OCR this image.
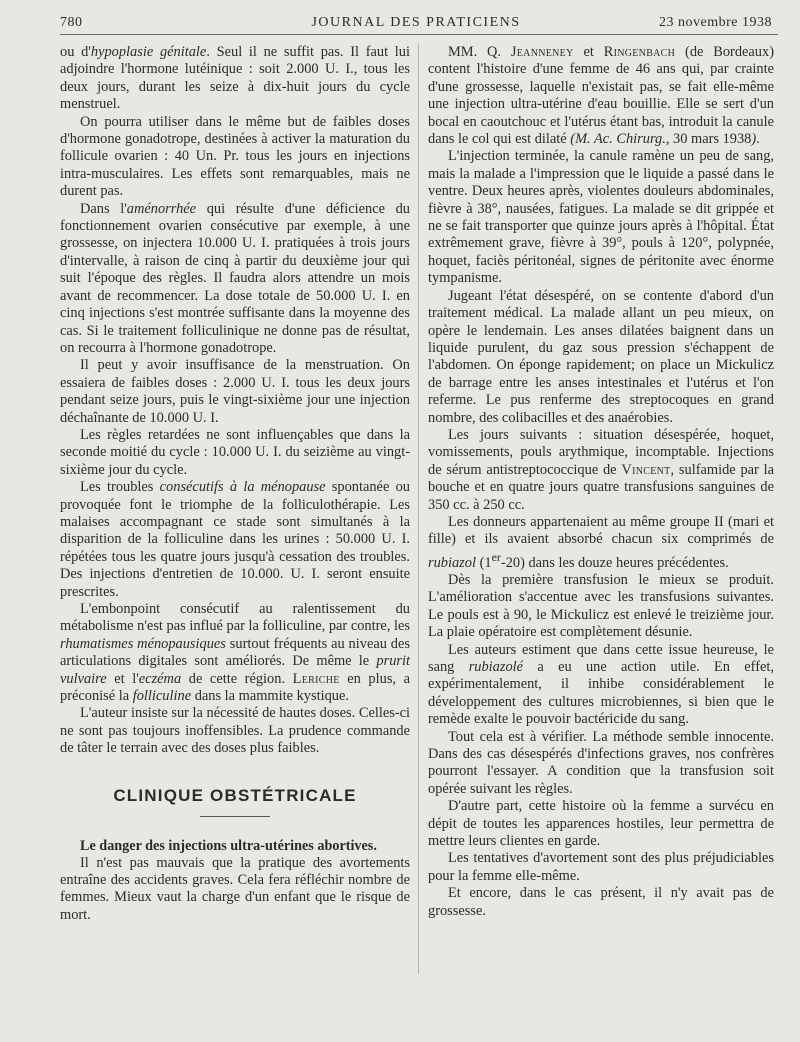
780	JOURNAL DES PRATICIENS	23 novembre 1938

ou d'hypoplasie génitale. Seul il ne suffit pas. Il faut lui adjoindre l'hormone lutéinique : soit 2.000 U. I., tous les deux jours, durant les seize à dix-huit jours du cycle menstruel.

On pourra utiliser dans le même but de faibles doses d'hormone gonadotrope, destinées à activer la maturation du follicule ovarien : 40 Un. Pr. tous les jours en injections intra-musculaires. Les effets sont remarquables, mais ne durent pas.

Dans l'aménorrhée qui résulte d'une déficience du fonctionnement ovarien consécutive par exemple, à une grossesse, on injectera 10.000 U. I. pratiquées à trois jours d'intervalle, à raison de cinq à partir du deuxième jour qui suit l'époque des règles. Il faudra alors attendre un mois avant de recommencer. La dose totale de 50.000 U. I. en cinq injections s'est montrée suffisante dans la moyenne des cas. Si le traitement folliculinique ne donne pas de résultat, on recourra à l'hormone gonadotrope.

Il peut y avoir insuffisance de la menstruation. On essaiera de faibles doses : 2.000 U. I. tous les deux jours pendant seize jours, puis le vingt-sixième jour une injection déchaînante de 10.000 U. I.

Les règles retardées ne sont influençables que dans la seconde moitié du cycle : 10.000 U. I. du seizième au vingt-sixième jour du cycle.

Les troubles consécutifs à la ménopause spontanée ou provoquée font le triomphe de la folliculothérapie. Les malaises accompagnant ce stade sont simultanés à la disparition de la folliculine dans les urines : 50.000 U. I. répétées tous les quatre jours jusqu'à cessation des troubles. Des injections d'entretien de 10.000. U. I. seront ensuite prescrites.

L'embonpoint consécutif au ralentissement du métabolisme n'est pas influé par la folliculine, par contre, les rhumatismes ménopausiques surtout fréquents au niveau des articulations digitales sont améliorés. De même le prurit vulvaire et l'eczéma de cette région. Leriche en plus, a préconisé la folliculine dans la mammite kystique.

L'auteur insiste sur la nécessité de hautes doses. Celles-ci ne sont pas toujours inoffensibles. La prudence commande de tâter le terrain avec des doses plus faibles.

CLINIQUE OBSTÉTRICALE

Le danger des injections ultra-utérines abortives.

Il n'est pas mauvais que la pratique des avortements entraîne des accidents graves. Cela fera réfléchir nombre de femmes. Mieux vaut la charge d'un enfant que le risque de mort.

MM. Q. Jeanneney et Ringenbach (de Bordeaux) content l'histoire d'une femme de 46 ans qui, par crainte d'une grossesse, laquelle n'existait pas, se fait elle-même une injection ultra-utérine d'eau bouillie. Elle se sert d'un bocal en caoutchouc et l'utérus étant bas, introduit la canule dans le col qui est dilaté (M. Ac. Chirurg., 30 mars 1938).

L'injection terminée, la canule ramène un peu de sang, mais la malade a l'impression que le liquide a passé dans le ventre. Deux heures après, violentes douleurs abdominales, fièvre à 38°, nausées, fatigues. La malade se dit grippée et ne se fait transporter que quinze jours après à l'hôpital. État extrêmement grave, fièvre à 39°, pouls à 120°, polypnée, hoquet, faciès péritonéal, signes de péritonite avec énorme tympanisme.

Jugeant l'état désespéré, on se contente d'abord d'un traitement médical. La malade allant un peu mieux, on opère le lendemain. Les anses dilatées baignent dans un liquide purulent, du gaz sous pression s'échappent de l'abdomen. On éponge rapidement; on place un Mickulicz de barrage entre les anses intestinales et l'utérus et l'on referme. Le pus renferme des streptocoques en grand nombre, des colibacilles et des anaérobies.

Les jours suivants : situation désespérée, hoquet, vomissements, pouls arythmique, incomptable. Injections de sérum antistreptococcique de Vincent, sulfamide par la bouche et en quatre jours quatre transfusions sanguines de 350 cc. à 250 cc.

Les donneurs appartenaient au même groupe II (mari et fille) et ils avaient absorbé chacun six comprimés de rubiazol (1er-20) dans les douze heures précédentes.

Dès la première transfusion le mieux se produit. L'amélioration s'accentue avec les transfusions suivantes. Le pouls est à 90, le Mickulicz est enlevé le treizième jour. La plaie opératoire est complètement désunie.

Les auteurs estiment que dans cette issue heureuse, le sang rubiazolé a eu une action utile. En effet, expérimentalement, il inhibe considérablement le développement des cultures microbiennes, si bien que le remède exalte le pouvoir bactéricide du sang.

Tout cela est à vérifier. La méthode semble innocente. Dans des cas désespérés d'infections graves, nos confrères pourront l'essayer. A condition que la transfusion soit opérée suivant les règles.

D'autre part, cette histoire où la femme a survécu en dépit de toutes les apparences hostiles, leur permettra de mettre leurs clientes en garde.

Les tentatives d'avortement sont des plus préjudiciables pour la femme elle-même.

Et encore, dans le cas présent, il n'y avait pas de grossesse.
